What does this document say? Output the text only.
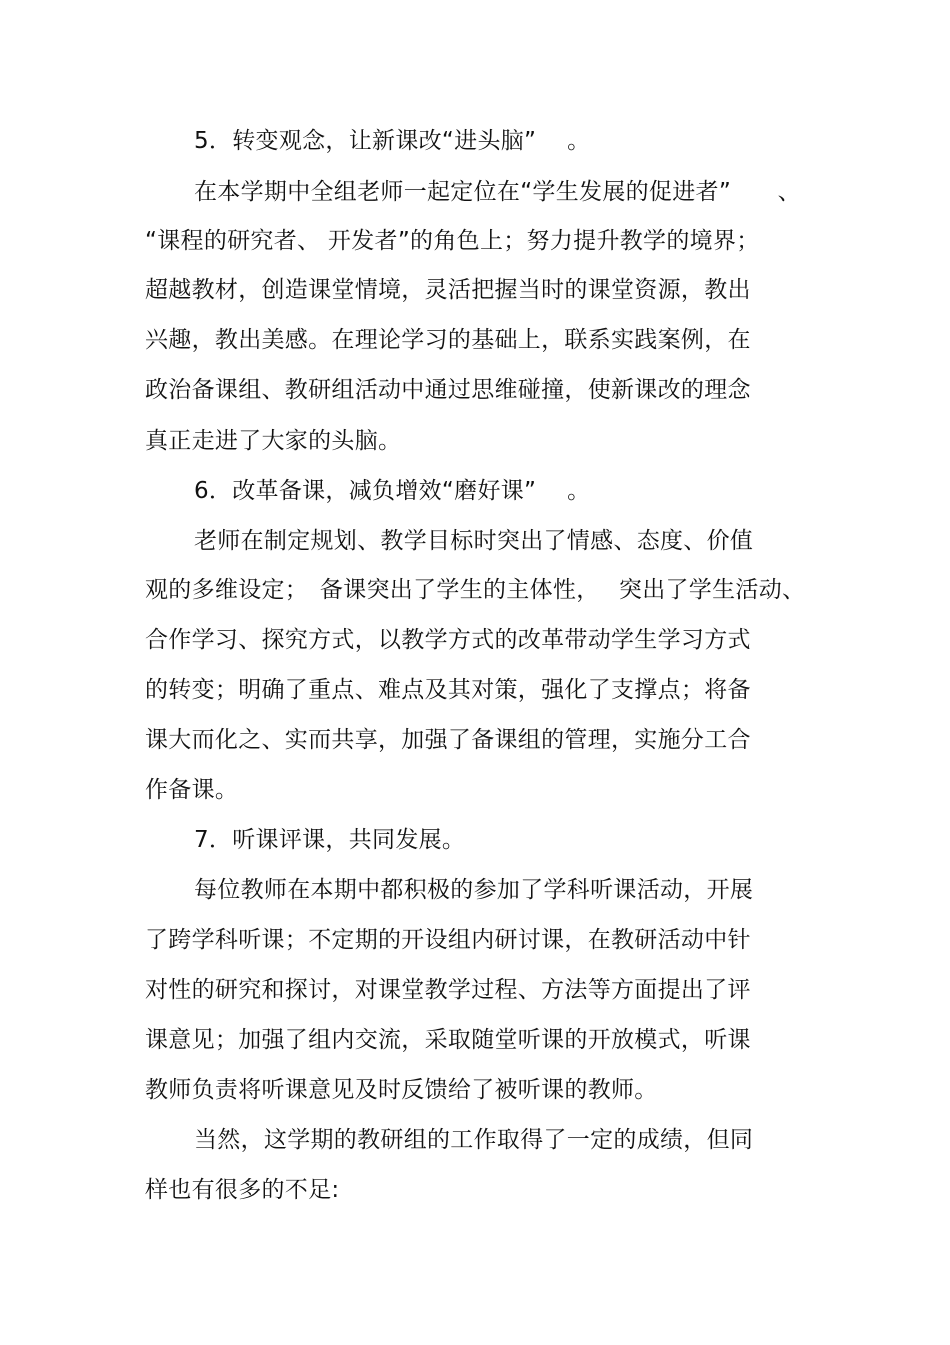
5．转变观念，让新课改“进头脑”　 。
在本学期中全组老师一起定位在“学生发展的促进者”　　、
“课程的研究者、 开发者”的角色上；努力提升教学的境界；
超越教材，创造课堂情境，灵活把握当时的课堂资源，教出
兴趣，教出美感。在理论学习的基础上，联系实践案例，在
政治备课组、教研组活动中通过思维碰撞，使新课改的理念
真正走进了大家的头脑。
6．改革备课，减负增效“磨好课”　 。
老师在制定规划、教学目标时突出了情感、态度、价值
观的多维设定；　备课突出了学生的主体性，　 突出了学生活动、
合作学习、探究方式，以教学方式的改革带动学生学习方式
的转变；明确了重点、难点及其对策，强化了支撑点；将备
课大而化之、实而共享，加强了备课组的管理，实施分工合
作备课。
7．听课评课，共同发展。
每位教师在本期中都积极的参加了学科听课活动，开展
了跨学科听课；不定期的开设组内研讨课，在教研活动中针
对性的研究和探讨，对课堂教学过程、方法等方面提出了评
课意见；加强了组内交流，采取随堂听课的开放模式，听课
教师负责将听课意见及时反馈给了被听课的教师。
当然，这学期的教研组的工作取得了一定的成绩，但同
样也有很多的不足:
